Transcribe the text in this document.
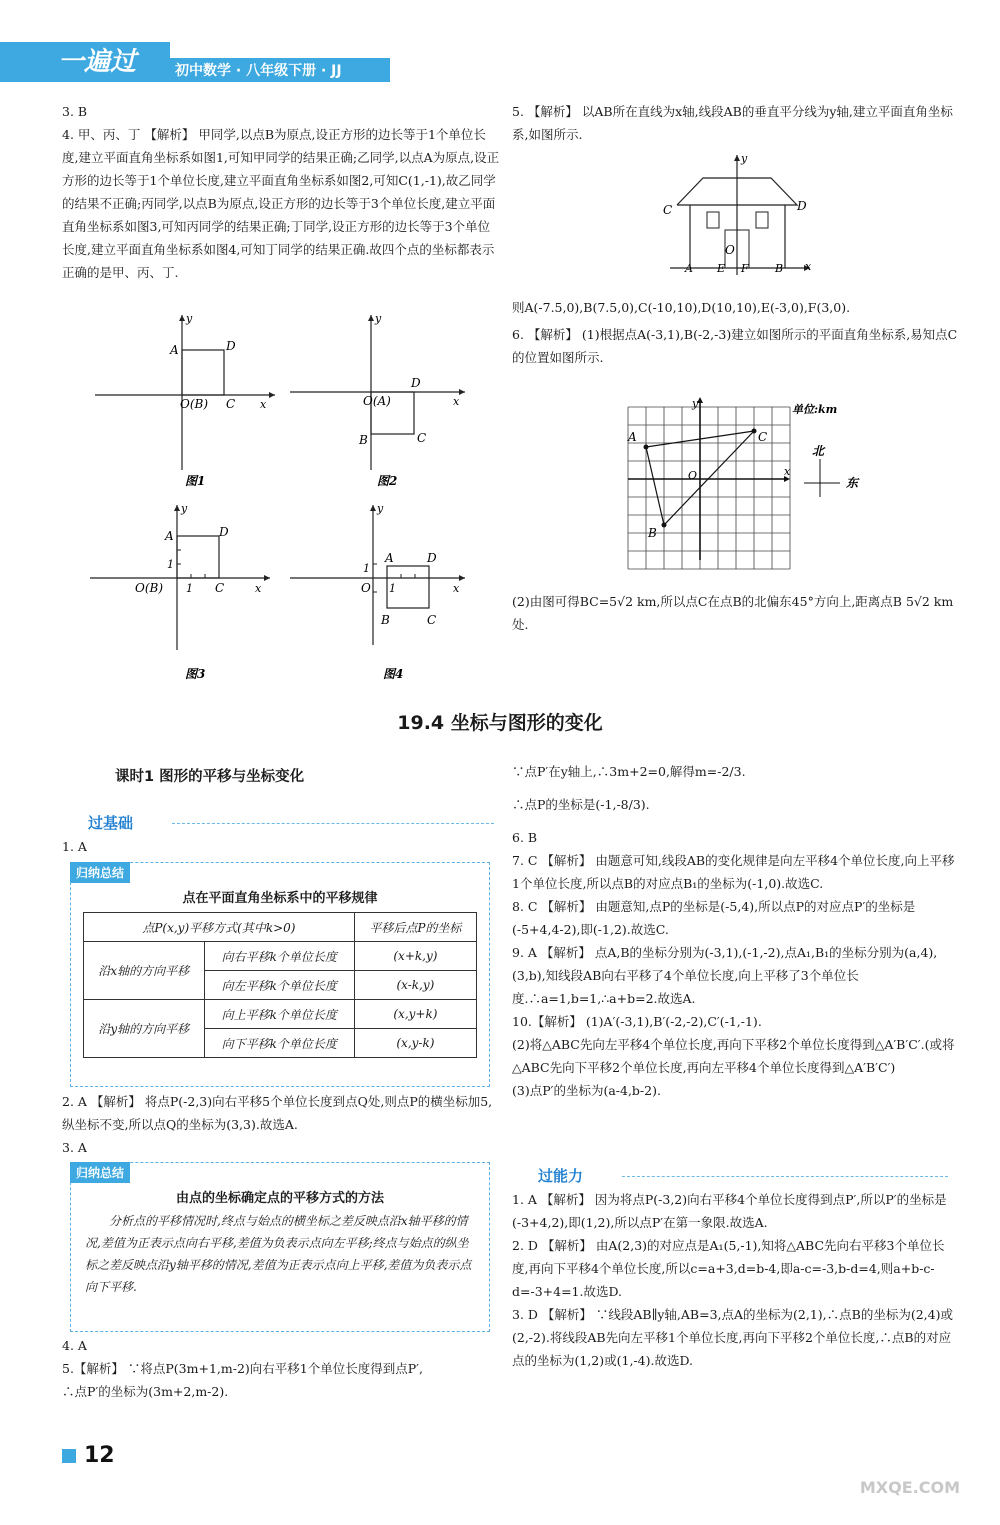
一遍过	初中数学 · 八年级下册 · JJ

3. B

4. 甲、丙、丁 【解析】 甲同学,以点B为原点,设正方形的边长等于1个单位长度,建立平面直角坐标系如图1,可知甲同学的结果正确;乙同学,以点A为原点,设正方形的边长等于1个单位长度,建立平面直角坐标系如图2,可知C(1,-1),故乙同学的结果不正确;丙同学,以点B为原点,设正方形的边长等于3个单位长度,建立平面直角坐标系如图3,可知丙同学的结果正确;丁同学,设正方形的边长等于3个单位长度,建立平面直角坐标系如图4,可知丁同学的结果正确.故四个点的坐标都表示正确的是甲、丙、丁.

y
x
A	D
O(B) C
图1
y
x
O(A)
D
B	C
图2
y
x
A	D
1
1
O(B)	C
图3
y
x
A	D
1
1
O
B	C
图4

5. 【解析】 以AB所在直线为x轴,线段AB的垂直平分线为y轴,建立平面直角坐标系,如图所示.

y
x
C	D
O
A E F B

则A(-7.5,0),B(7.5,0),C(-10,10),D(10,10),E(-3,0),F(3,0).

6. 【解析】 (1)根据点A(-3,1),B(-2,-3)建立如图所示的平面直角坐标系,易知点C的位置如图所示.

y
x
A	C
B
O
单位:km
北
东

(2)由图可得BC=5√2 km,所以点C在点B的北偏东45°方向上,距离点B 5√2 km处.

19.4 坐标与图形的变化
课时1 图形的平移与坐标变化
过基础

1. A

归纳总结
点在平面直角坐标系中的平移规律
点P(x,y)平移方式(其中k>0)		平移后点P的坐标
沿x轴的方向平移	向右平移k个单位长度	(x+k,y)
	向左平移k个单位长度	(x-k,y)
沿y轴的方向平移	向上平移k个单位长度	(x,y+k)
	向下平移k个单位长度	(x,y-k)

2. A 【解析】 将点P(-2,3)向右平移5个单位长度到点Q处,则点P的横坐标加5,纵坐标不变,所以点Q的坐标为(3,3).故选A.

3. A

归纳总结
由点的坐标确定点的平移方式的方法

分析点的平移情况时,终点与始点的横坐标之差反映点沿x轴平移的情况,差值为正表示点向右平移,差值为负表示点向左平移;终点与始点的纵坐标之差反映点沿y轴平移的情况,差值为正表示点向上平移,差值为负表示点向下平移.

4. A

5.【解析】 ∵将点P(3m+1,m-2)向右平移1个单位长度得到点P′,

∴点P′的坐标为(3m+2,m-2).

∵点P′在y轴上,∴3m+2=0,解得m=-2/3.

∴点P的坐标是(-1,-8/3).

6. B

7. C 【解析】 由题意可知,线段AB的变化规律是向左平移4个单位长度,向上平移1个单位长度,所以点B的对应点B₁的坐标为(-1,0).故选C.

8. C 【解析】 由题意知,点P的坐标是(-5,4),所以点P的对应点P′的坐标是(-5+4,4-2),即(-1,2).故选C.

9. A 【解析】 点A,B的坐标分别为(-3,1),(-1,-2),点A₁,B₁的坐标分别为(a,4),(3,b),知线段AB向右平移了4个单位长度,向上平移了3个单位长度.∴a=1,b=1,∴a+b=2.故选A.

10.【解析】 (1)A′(-3,1),B′(-2,-2),C′(-1,-1).

(2)将△ABC先向左平移4个单位长度,再向下平移2个单位长度得到△A′B′C′.(或将△ABC先向下平移2个单位长度,再向左平移4个单位长度得到△A′B′C′)

(3)点P′的坐标为(a-4,b-2).

过能力

1. A 【解析】 因为将点P(-3,2)向右平移4个单位长度得到点P′,所以P′的坐标是(-3+4,2),即(1,2),所以点P′在第一象限.故选A.

2. D 【解析】 由A(2,3)的对应点是A₁(5,-1),知将△ABC先向右平移3个单位长度,再向下平移4个单位长度,所以c=a+3,d=b-4,即a-c=-3,b-d=4,则a+b-c-d=-3+4=1.故选D.

3. D 【解析】 ∵线段AB∥y轴,AB=3,点A的坐标为(2,1),∴点B的坐标为(2,4)或(2,-2).将线段AB先向左平移1个单位长度,再向下平移2个单位长度,∴点B的对应点的坐标为(1,2)或(1,-4).故选D.

12
MXQE.COM
